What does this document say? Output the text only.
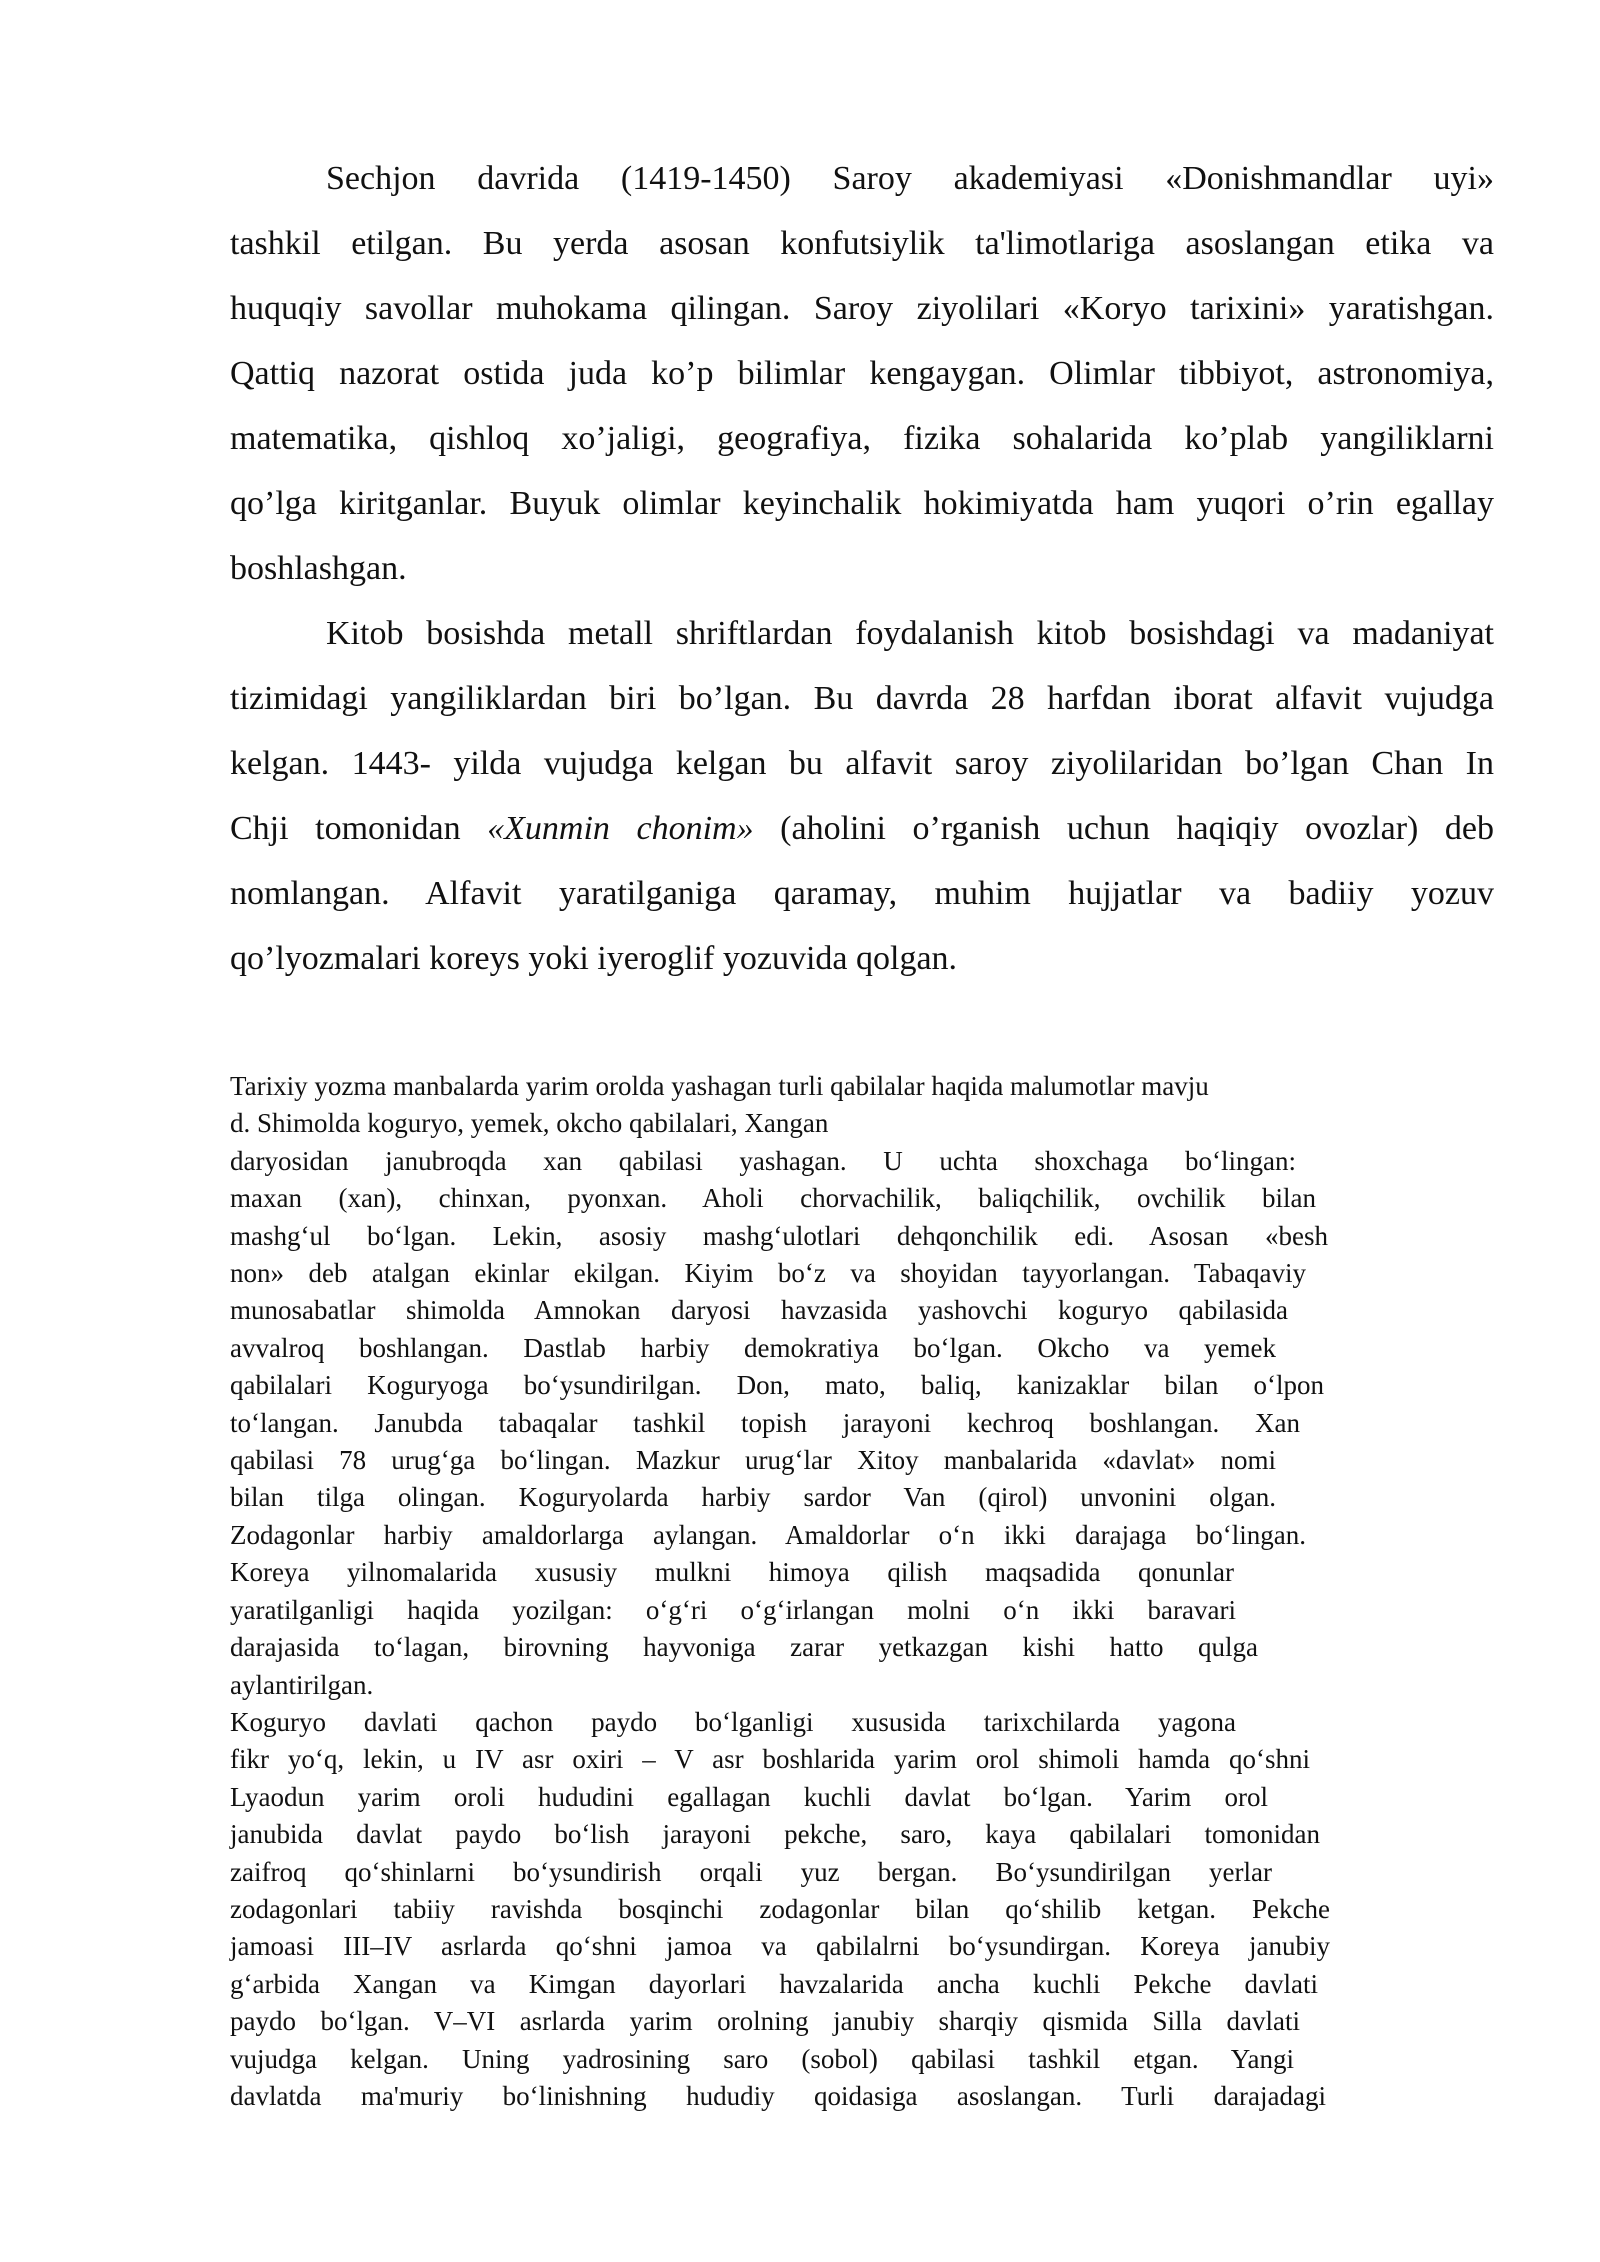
Sechjon davrida (1419-1450) Saroy akademiyasi «Donishmandlar uyi»
tashkil etilgan. Bu yerda asosan konfutsiylik ta'limotlariga asoslangan etika va
huquqiy savollar muhokama qilingan. Saroy ziyolilari «Koryo tarixini» yaratishgan.
Qattiq nazorat ostida juda ko’p bilimlar kengaygan. Olimlar tibbiyot, astronomiya,
matematika, qishloq xo’jaligi, geografiya, fizika sohalarida ko’plab yangiliklarni
qo’lga kiritganlar. Buyuk olimlar keyinchalik hokimiyatda ham yuqori o’rin egallay
boshlashgan.
Kitob bosishda metall shriftlardan foydalanish kitob bosishdagi va madaniyat
tizimidagi yangiliklardan biri bo’lgan. Bu davrda 28 harfdan iborat alfavit vujudga
kelgan. 1443- yilda vujudga kelgan bu alfavit saroy ziyolilaridan bo’lgan Chan In
Chji tomonidan «Xunmin chonim» (aholini o’rganish uchun haqiqiy ovozlar) deb
nomlangan. Alfavit yaratilganiga qaramay, muhim hujjatlar va badiiy yozuv
qo’lyozmalari koreys yoki iyeroglif yozuvida qolgan.
Tarixiy yozma manbalarda yarim orolda yashagan turli qabilalar haqida malumotlar mavju
d. Shimolda koguryo, yemek, okcho qabilalari, Xangan
daryosidan janubroqda xan qabilasi yashagan. U uchta shoxchaga bo‘lingan:
maxan (xan), chinxan, pyonxan. Aholi chorvachilik, baliqchilik, ovchilik bilan
mashg‘ul bo‘lgan. Lekin, asosiy mashg‘ulotlari dehqonchilik edi. Asosan «besh
non» deb atalgan ekinlar ekilgan. Kiyim bo‘z va shoyidan tayyorlangan. Tabaqaviy
munosabatlar shimolda Amnokan daryosi havzasida yashovchi koguryo qabilasida
avvalroq boshlangan. Dastlab harbiy demokratiya bo‘lgan. Okcho va yemek
qabilalari Koguryoga bo‘ysundirilgan. Don, mato, baliq, kanizaklar bilan o‘lpon
to‘langan. Janubda tabaqalar tashkil topish jarayoni kechroq boshlangan. Xan
qabilasi 78 urug‘ga bo‘lingan. Mazkur urug‘lar Xitoy manbalarida «davlat» nomi
bilan tilga olingan. Koguryolarda harbiy sardor Van (qirol) unvonini olgan.
Zodagonlar harbiy amaldorlarga aylangan. Amaldorlar o‘n ikki darajaga bo‘lingan.
Koreya yilnomalarida xususiy mulkni himoya qilish maqsadida qonunlar
yaratilganligi haqida yozilgan: o‘g‘ri o‘g‘irlangan molni o‘n ikki baravari
darajasida to‘lagan, birovning hayvoniga zarar yetkazgan kishi hatto qulga
aylantirilgan.
Koguryo davlati qachon paydo bo‘lganligi xususida tarixchilarda yagona
fikr yo‘q, lekin, u IV asr oxiri – V asr boshlarida yarim orol shimoli hamda qo‘shni
Lyaodun yarim oroli hududini egallagan kuchli davlat bo‘lgan. Yarim orol
janubida davlat paydo bo‘lish jarayoni pekche, saro, kaya qabilalari tomonidan
zaifroq qo‘shinlarni bo‘ysundirish orqali yuz bergan. Bo‘ysundirilgan yerlar
zodagonlari tabiiy ravishda bosqinchi zodagonlar bilan qo‘shilib ketgan. Pekche
jamoasi III–IV asrlarda qo‘shni jamoa va qabilalrni bo‘ysundirgan. Koreya janubiy
g‘arbida Xangan va Kimgan dayorlari havzalarida ancha kuchli Pekche davlati
paydo bo‘lgan. V–VI asrlarda yarim orolning janubiy sharqiy qismida Silla davlati
vujudga kelgan. Uning yadrosining saro (sobol) qabilasi tashkil etgan. Yangi
davlatda ma'muriy bo‘linishning hududiy qoidasiga asoslangan. Turli darajadagi
